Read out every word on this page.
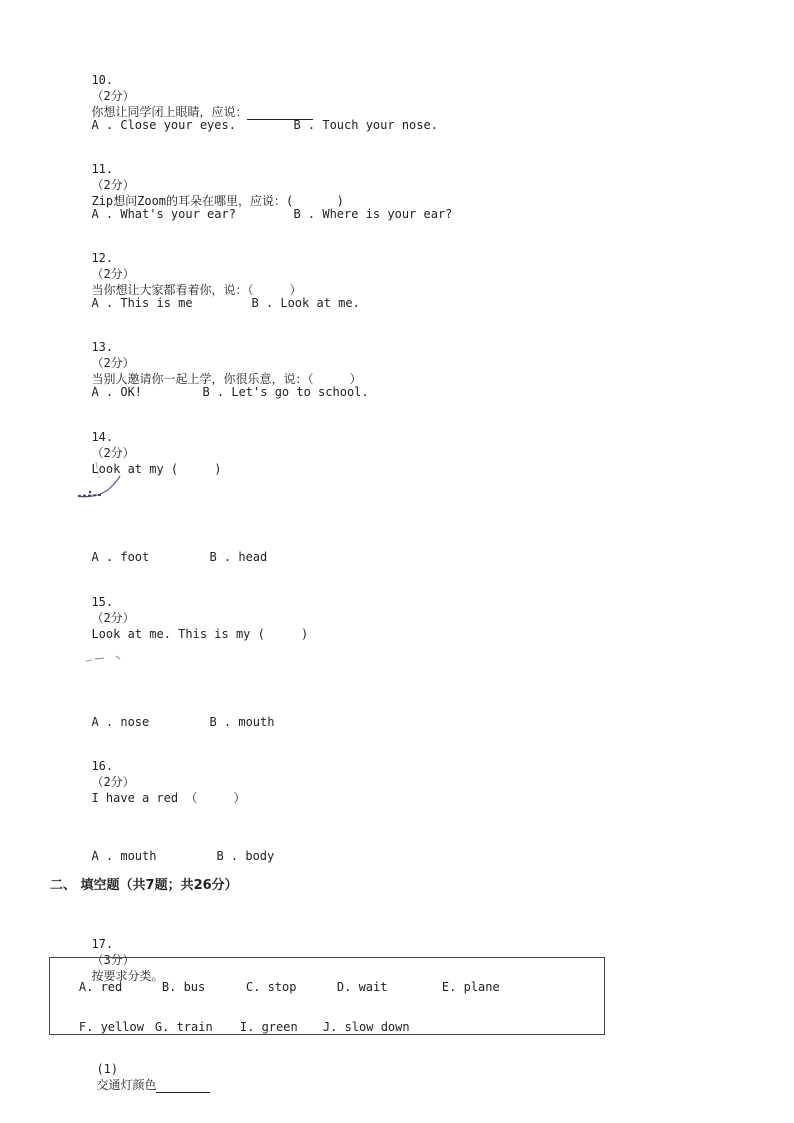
10.
（2分）
你想让同学闭上眼睛，应说：

A . Close your eyes.	B . Touch your nose.

11.
（2分）
Zip想问Zoom的耳朵在哪里，应说：(      )

A . What's your ear?	B . Where is your ear?

12.
（2分）
当你想让大家都看着你，说：（     ）

A . This is me	B . Look at me.

13.
（2分）
当别人邀请你一起上学，你很乐意，说：（     ）

A . OK!	B . Let's go to school.

14.
（2分）
Look at my (     )

A . foot	B . head

15.
（2分）
Look at me. This is my (     )

A . nose	B . mouth

16.
（2分）
I have a red （     ）

A . mouth	B . body

二、 填空题（共7题；共26分）

17.
（3分）
按要求分类。

A. red	B. bus	C. stop	D. wait	E. plane

F. yellow G. train I. green J. slow down

(1)
交通灯颜色
